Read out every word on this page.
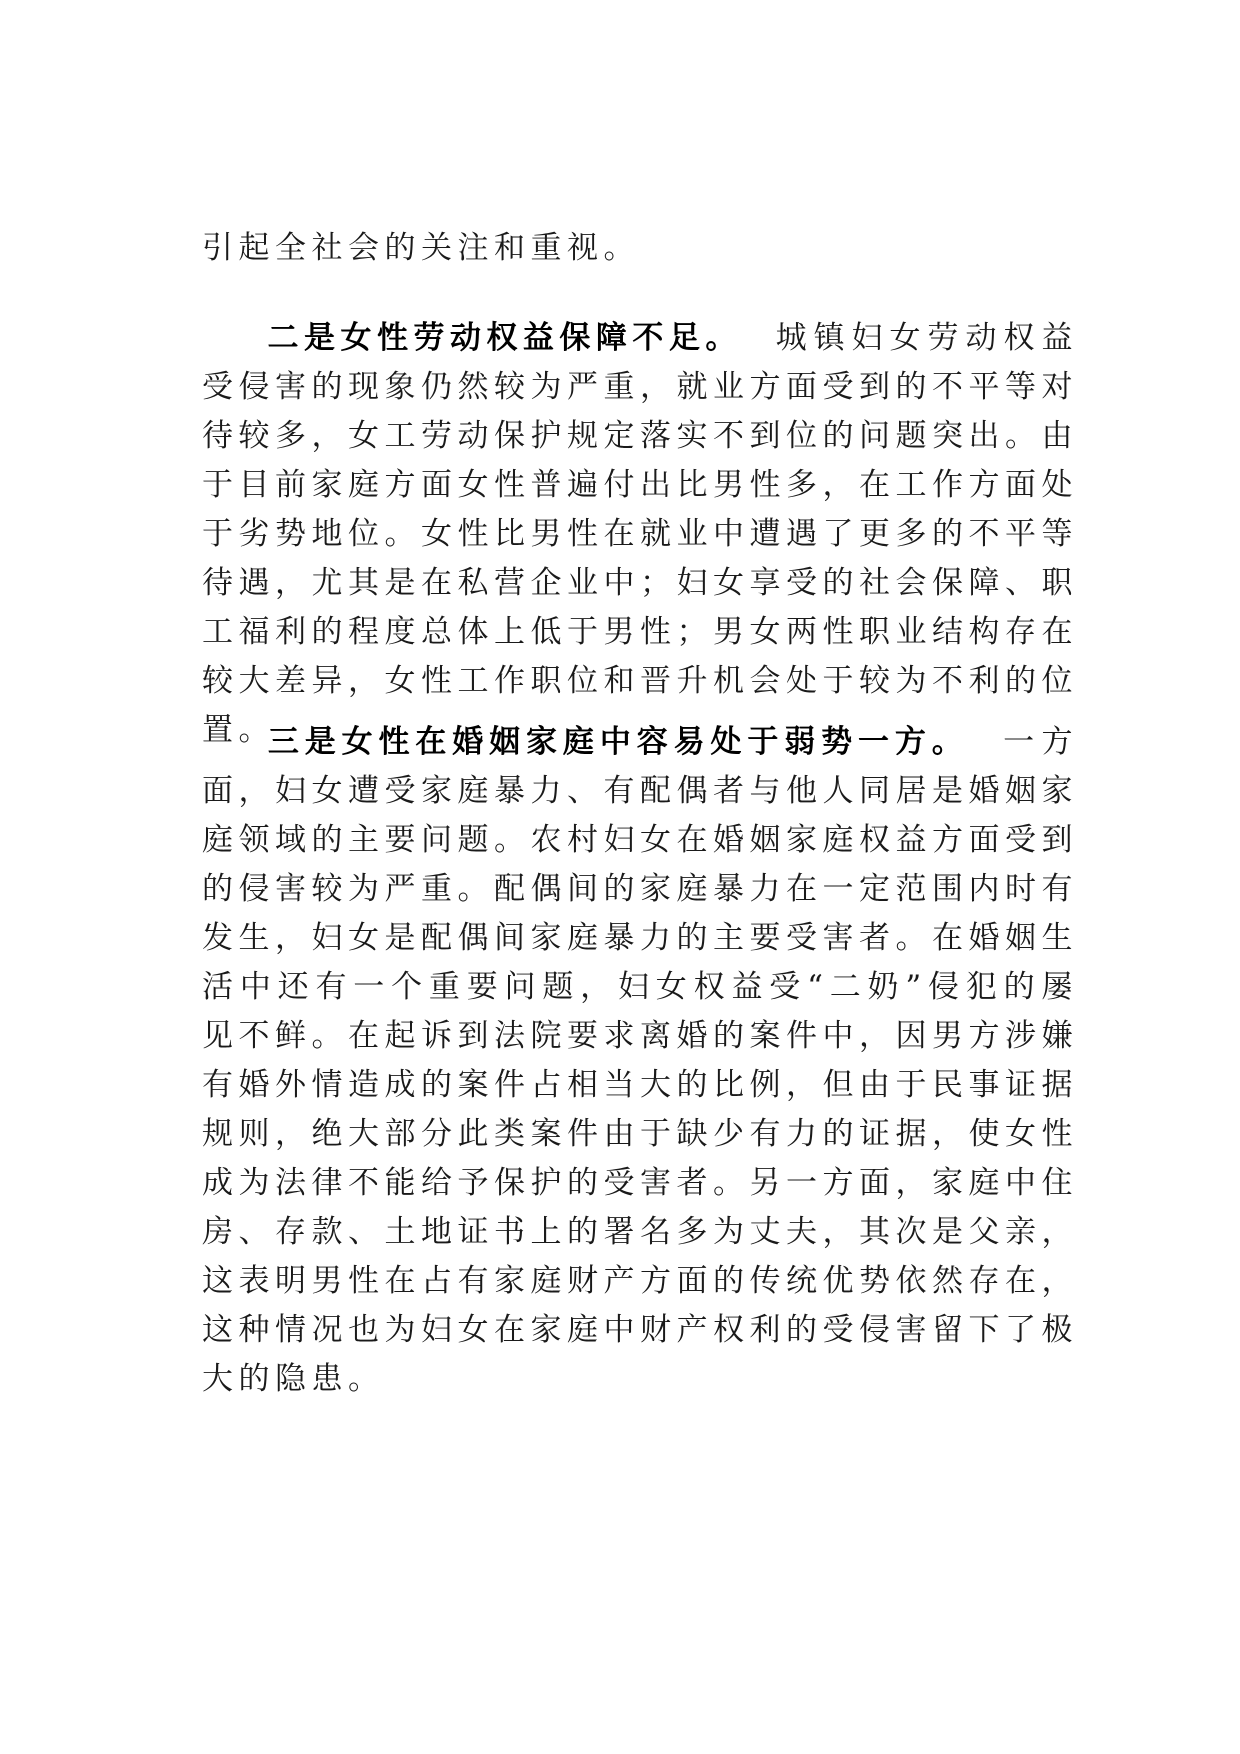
引起全社会的关注和重视。
二是女性劳动权益保障不足。 城镇妇女劳动权益受侵害的现象仍然较为严重，就业方面受到的不平等对待较多，女工劳动保护规定落实不到位的问题突出。由于目前家庭方面女性普遍付出比男性多，在工作方面处于劣势地位。女性比男性在就业中遭遇了更多的不平等待遇，尤其是在私营企业中；妇女享受的社会保障、职工福利的程度总体上低于男性；男女两性职业结构存在较大差异，女性工作职位和晋升机会处于较为不利的位置。
三是女性在婚姻家庭中容易处于弱势一方。 一方面，妇女遭受家庭暴力、有配偶者与他人同居是婚姻家庭领域的主要问题。农村妇女在婚姻家庭权益方面受到的侵害较为严重。配偶间的家庭暴力在一定范围内时有发生，妇女是配偶间家庭暴力的主要受害者。在婚姻生活中还有一个重要问题，妇女权益受“二奶”侵犯的屡见不鲜。在起诉到法院要求离婚的案件中，因男方涉嫌有婚外情造成的案件占相当大的比例，但由于民事证据规则，绝大部分此类案件由于缺少有力的证据，使女性成为法律不能给予保护的受害者。另一方面，家庭中住房、存款、土地证书上的署名多为丈夫，其次是父亲，这表明男性在占有家庭财产方面的传统优势依然存在，这种情况也为妇女在家庭中财产权利的受侵害留下了极大的隐患。
